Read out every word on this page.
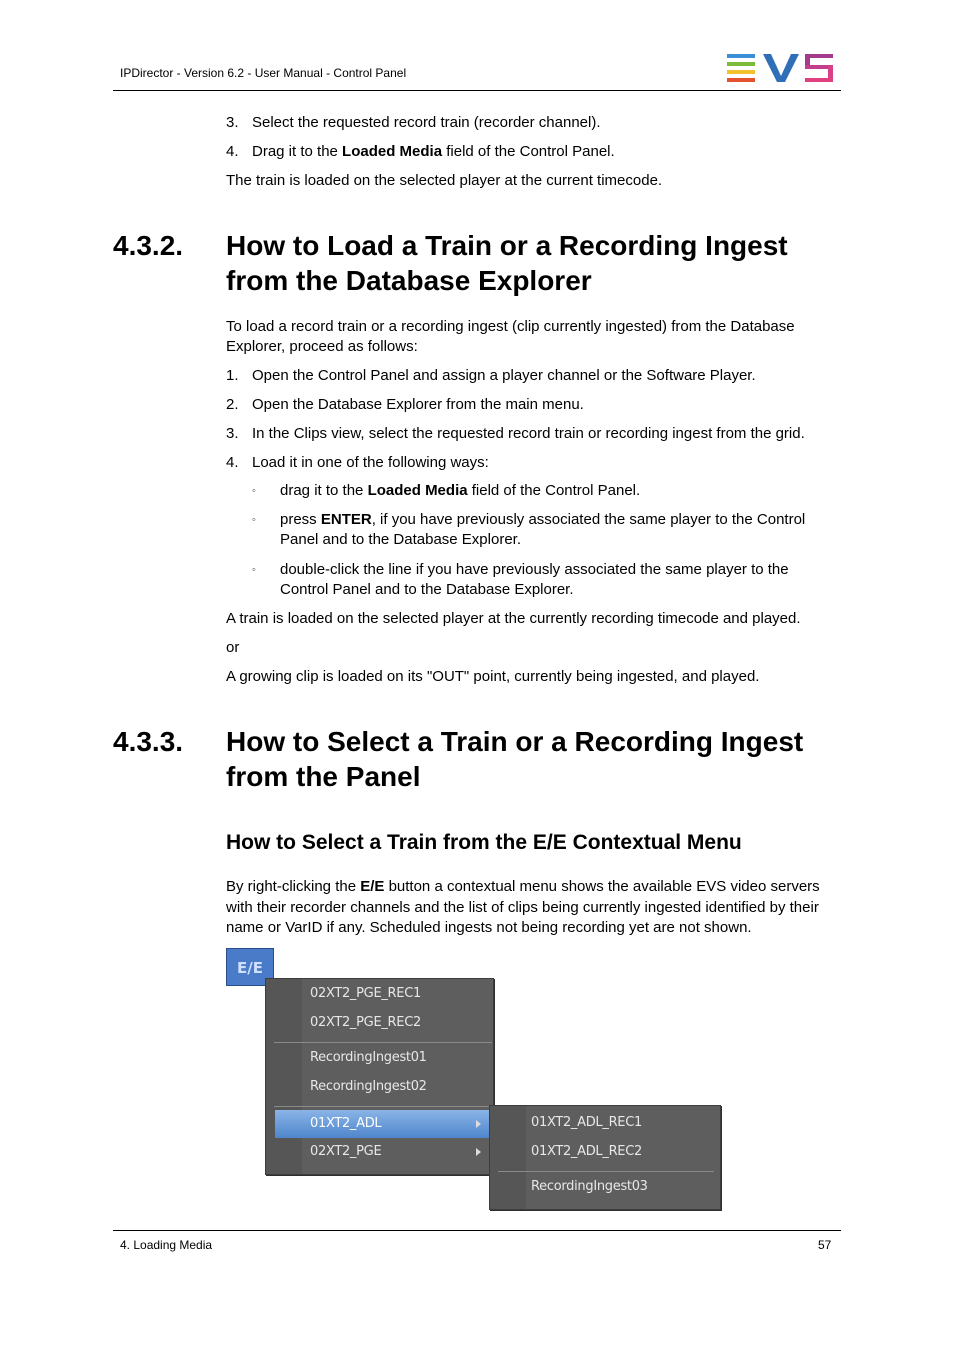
IPDirector - Version 6.2 - User Manual - Control Panel
3. Select the requested record train (recorder channel).
4. Drag it to the Loaded Media field of the Control Panel.
The train is loaded on the selected player at the current timecode.
4.3.2. How to Load a Train or a Recording Ingest
from the Database Explorer
To load a record train or a recording ingest (clip currently ingested) from the Database
Explorer, proceed as follows:
1. Open the Control Panel and assign a player channel or the Software Player.
2. Open the Database Explorer from the main menu.
3. In the Clips view, select the requested record train or recording ingest from the grid.
4. Load it in one of the following ways:
◦ drag it to the Loaded Media field of the Control Panel.
◦ press ENTER, if you have previously associated the same player to the Control
Panel and to the Database Explorer.
◦ double-click the line if you have previously associated the same player to the
Control Panel and to the Database Explorer.
A train is loaded on the selected player at the currently recording timecode and played.
or
A growing clip is loaded on its "OUT" point, currently being ingested, and played.
4.3.3. How to Select a Train or a Recording Ingest
from the Panel
How to Select a Train from the E/E Contextual Menu
By right-clicking the E/E button a contextual menu shows the available EVS video servers
with their recorder channels and the list of clips being currently ingested identified by their
name or VarID if any. Scheduled ingests not being recording yet are not shown.
E/E
02XT2_PGE_REC1
02XT2_PGE_REC2
RecordingIngest01
RecordingIngest02
01XT2_ADL
02XT2_PGE
01XT2_ADL_REC1
01XT2_ADL_REC2
RecordingIngest03
4. Loading Media	57
